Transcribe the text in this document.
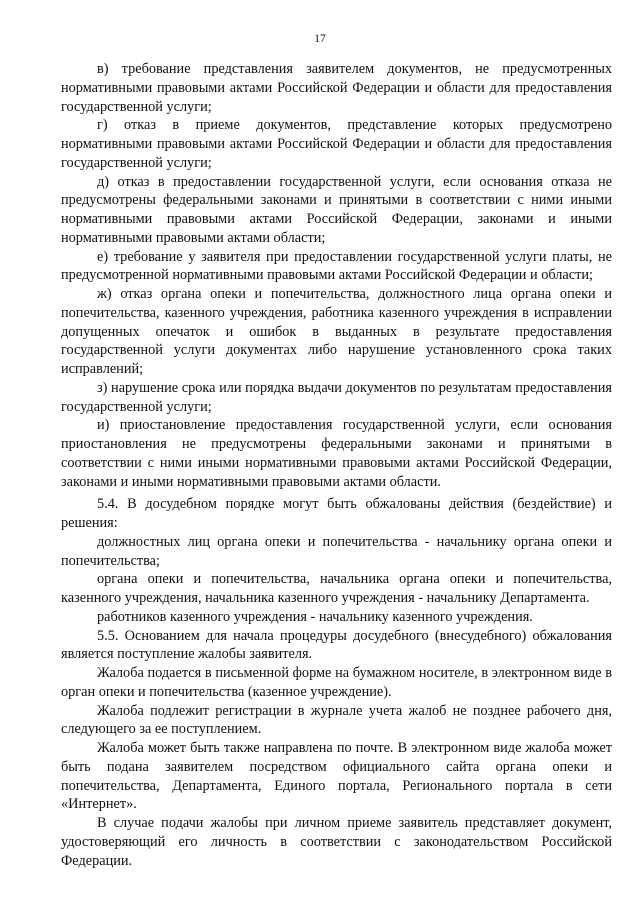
17

в) требование представления заявителем документов, не предусмотренных нормативными правовыми актами Российской Федерации и области для предоставления государственной услуги;

г) отказ в приеме документов, представление которых предусмотрено нормативными правовыми актами Российской Федерации и области для предоставления государственной услуги;

д) отказ в предоставлении государственной услуги, если основания отказа не предусмотрены федеральными законами и принятыми в соответствии с ними иными нормативными правовыми актами Российской Федерации, законами и иными нормативными правовыми актами области;

е) требование у заявителя при предоставлении государственной услуги платы, не предусмотренной нормативными правовыми актами Российской Федерации и области;

ж) отказ органа опеки и попечительства, должностного лица органа опеки и попечительства, казенного учреждения, работника казенного учреждения в исправлении допущенных опечаток и ошибок в выданных в результате предоставления государственной услуги документах либо нарушение установленного срока таких исправлений;

з) нарушение срока или порядка выдачи документов по результатам предоставления государственной услуги;

и) приостановление предоставления государственной услуги, если основания приостановления не предусмотрены федеральными законами и принятыми в соответствии с ними иными нормативными правовыми актами Российской Федерации, законами и иными нормативными правовыми актами области.

5.4. В досудебном порядке могут быть обжалованы действия (бездействие) и решения:

должностных лиц органа опеки и попечительства - начальнику органа опеки и попечительства;

органа опеки и попечительства, начальника органа опеки и попечительства, казенного учреждения, начальника казенного учреждения - начальнику Департамента.

работников казенного учреждения - начальнику казенного учреждения.

5.5. Основанием для начала процедуры досудебного (внесудебного) обжалования является поступление жалобы заявителя.

Жалоба подается в письменной форме на бумажном носителе, в электронном виде в орган опеки и попечительства (казенное учреждение).

Жалоба подлежит регистрации в журнале учета жалоб не позднее рабочего дня, следующего за ее поступлением.

Жалоба может быть также направлена по почте. В электронном виде жалоба может быть подана заявителем посредством официального сайта органа опеки и попечительства, Департамента, Единого портала, Регионального портала в сети «Интернет».

В случае подачи жалобы при личном приеме заявитель представляет документ, удостоверяющий его личность в соответствии с законодательством Российской Федерации.
